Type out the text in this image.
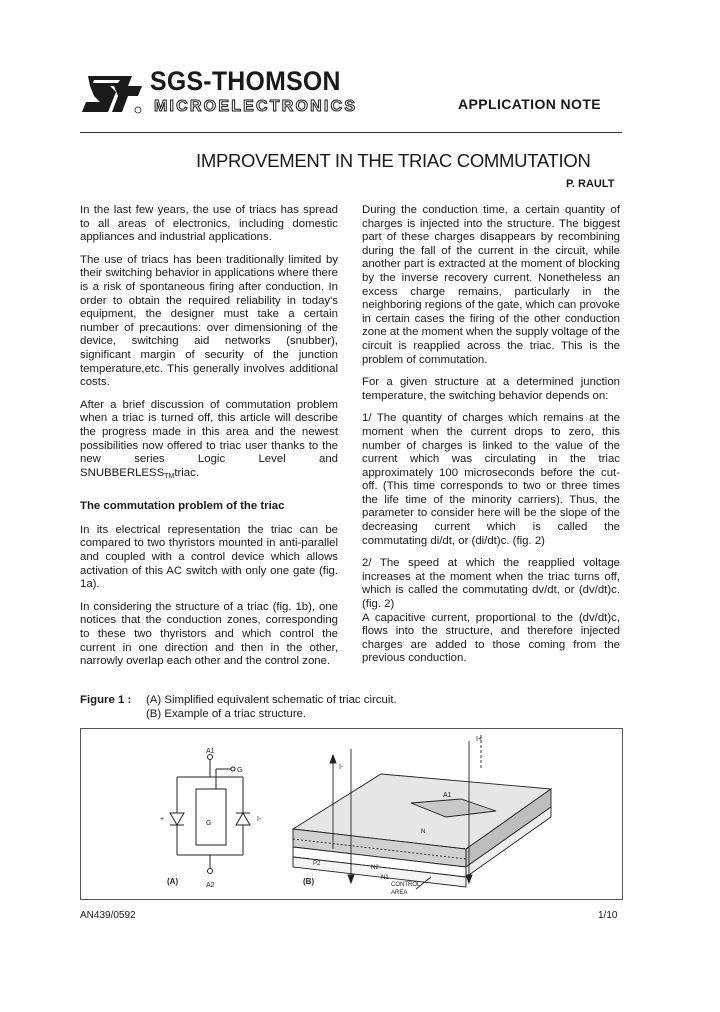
SGS-THOMSON
MICROELECTRONICS	APPLICATION NOTE
IMPROVEMENT IN THE TRIAC COMMUTATION
P. RAULT

In the last few years, the use of triacs has spread to all areas of electronics, including domestic appliances and industrial applications.

The use of triacs has been traditionally limited by their switching behavior in applications where there is a risk of spontaneous firing after conduction. In order to obtain the required reliability in today's equipment, the designer must take a certain number of precautions: over dimensioning of the device, switching aid networks (snubber), significant margin of security of the junction temperature,etc. This generally involves additional costs.

After a brief discussion of commutation problem when a triac is turned off, this article will describe the progress made in this area and the newest possibilities now offered to triac user thanks to the new series Logic Level and $SNUBBERLESS_{TM}triac$.

The commutation problem of the triac

In its electrical representation the triac can be compared to two thyristors mounted in anti-parallel and coupled with a control device which allows activation of this AC switch with only one gate (fig. 1a).

In considering the structure of a triac (fig. 1b), one notices that the conduction zones, corresponding to these two thyristors and which control the current in one direction and then in the other, narrowly overlap each other and the control zone.

During the conduction time, a certain quantity of charges is injected into the structure. The biggest part of these charges disappears by recombining during the fall of the current in the circuit, while another part is extracted at the moment of blocking by the inverse recovery current. Nonetheless an excess charge remains, particularly in the neighboring regions of the gate, which can provoke in certain cases the firing of the other conduction zone at the moment when the supply voltage of the circuit is reapplied across the triac. This is the problem of commutation.

For a given structure at a determined junction temperature, the switching behavior depends on:

1/ The quantity of charges which remains at the moment when the current drops to zero, this number of charges is linked to the value of the current which was circulating in the triac approximately 100 microseconds before the cut-off. (This time corresponds to two or three times the life time of the minority carriers). Thus, the parameter to consider here will be the slope of the decreasing current which is called the commutating di/dt, or (di/dt)c. (fig. 2)

2/ The speed at which the reapplied voltage increases at the moment when the triac turns off, which is called the commutating dv/dt, or (dv/dt)c. (fig. 2)

A capacitive current, proportional to the (dv/dt)c, flows into the structure, and therefore injected charges are added to those coming from the previous conduction.

Figure 1 : (A) Simplified equivalent schematic of triac circuit.
(B) Example of a triac structure.
A1
G
G
+	I-
A2
(A)
I-
I+
A1
N
N2
N1
P2
CONTROL
AREA
(B)
AN439/0592	1/10
